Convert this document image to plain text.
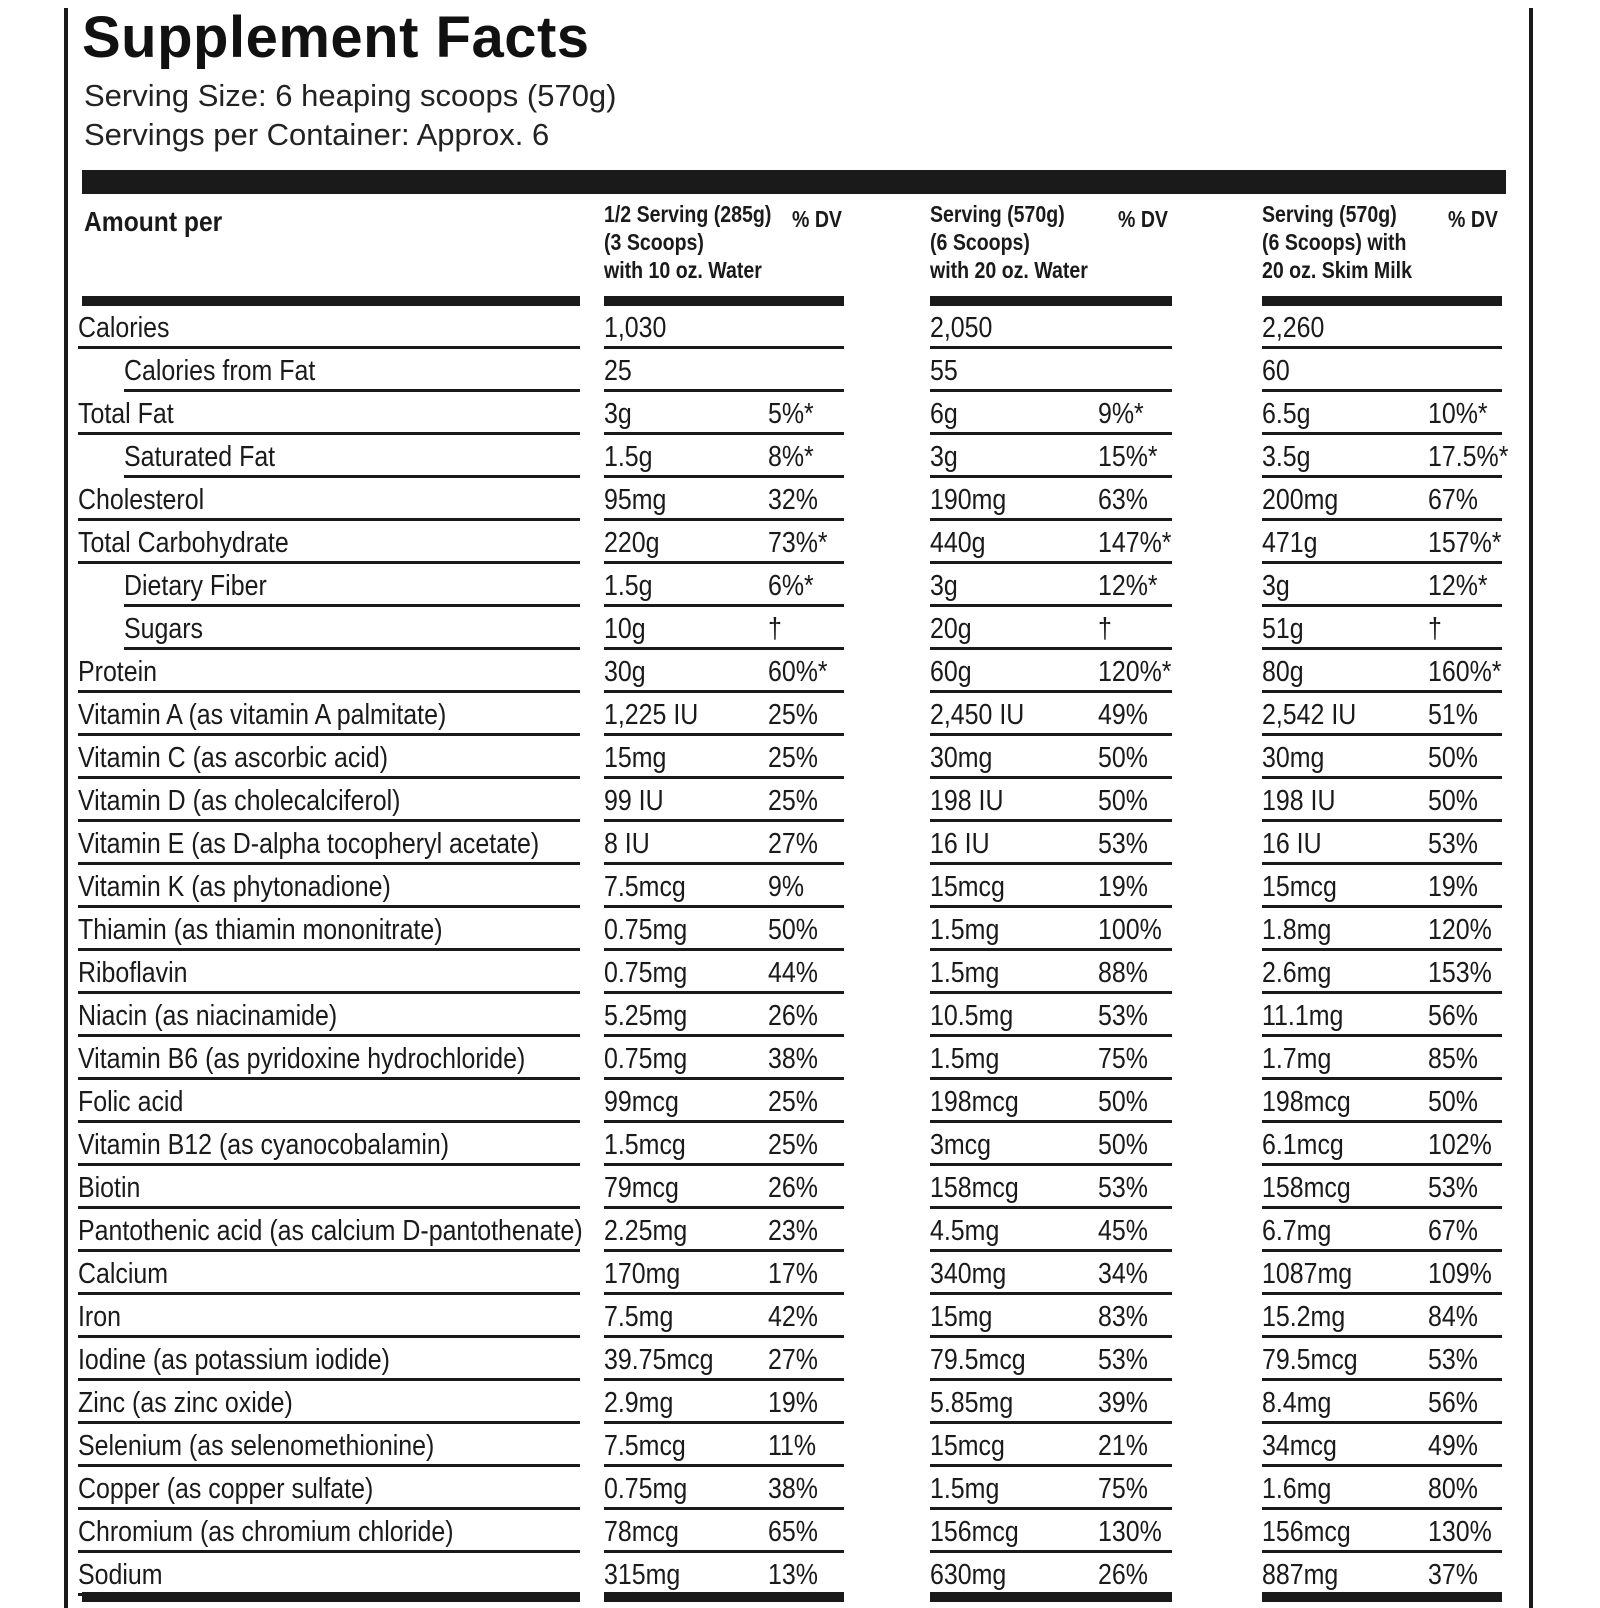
Supplement Facts
Serving Size: 6 heaping scoops (570g)
Servings per Container: Approx. 6
Amount per	1/2 Serving (285g)
(3 Scoops)
with 10 oz. Water
% DV	Serving (570g)
(6 Scoops)
with 20 oz. Water
% DV	Serving (570g)
(6 Scoops) with
20 oz. Skim Milk
% DV
Calories	1,030	2,050	2,260
Calories from Fat	25	55	60
Total Fat	3g	5%*	6g	9%*	6.5g	10%*
Saturated Fat	1.5g	8%*	3g	15%*	3.5g	17.5%*
Cholesterol	95mg	32%	190mg	63%	200mg	67%
Total Carbohydrate	220g	73%*	440g	147%*	471g	157%*
Dietary Fiber	1.5g	6%*	3g	12%*	3g	12%*
Sugars	10g	†	20g	†	51g	†
Protein	30g	60%*	60g	120%*	80g	160%*
Vitamin A (as vitamin A palmitate)	1,225 IU 25%	2,450 IU	49%	2,542 IU 51%
Vitamin C (as ascorbic acid)	15mg	25%	30mg	50%	30mg	50%
Vitamin D (as cholecalciferol)	99 IU	25%	198 IU	50%	198 IU	50%
Vitamin E (as D-alpha tocopheryl acetate) 8 IU	27%	16 IU	53%	16 IU	53%
Vitamin K (as phytonadione)	7.5mcg	9%	15mcg	19%	15mcg	19%
Thiamin (as thiamin mononitrate)	0.75mg	50%	1.5mg	100%	1.8mg	120%
Riboflavin	0.75mg	44%	1.5mg	88%	2.6mg	153%
Niacin (as niacinamide)	5.25mg	26%	10.5mg	53%	11.1mg	56%
Vitamin B6 (as pyridoxine hydrochloride)	0.75mg	38%	1.5mg	75%	1.7mg	85%
Folic acid	99mcg	25%	198mcg	50%	198mcg	50%
Vitamin B12 (as cyanocobalamin)	1.5mcg	25%	3mcg	50%	6.1mcg	102%
Biotin	79mcg	26%	158mcg	53%	158mcg	53%
Pantothenic acid (as calcium D-pantothenate) 2.25mg	23%	4.5mg	45%	6.7mg	67%
Calcium	170mg	17%	340mg	34%	1087mg	109%
Iron	7.5mg	42%	15mg	83%	15.2mg	84%
Iodine (as potassium iodide)	39.75mcg 27%	79.5mcg 53%	79.5mcg 53%
Zinc (as zinc oxide)	2.9mg	19%	5.85mg	39%	8.4mg	56%
Selenium (as selenomethionine)	7.5mcg	11%	15mcg	21%	34mcg	49%
Copper (as copper sulfate)	0.75mg	38%	1.5mg	75%	1.6mg	80%
Chromium (as chromium chloride)	78mcg	65%	156mcg	130%	156mcg	130%
Sodium	315mg	13%	630mg	26%	887mg	37%
